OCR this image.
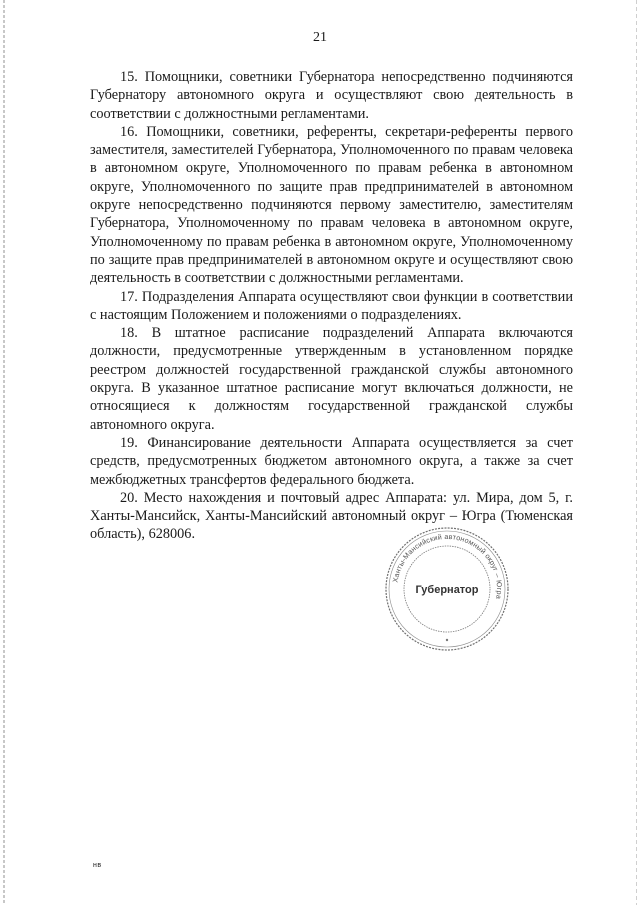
21

15. Помощники, советники Губернатора непосредственно подчиняются Губернатору автономного округа и осуществляют свою деятельность в соответствии с должностными регламентами.

16. Помощники, советники, референты, секретари-референты первого заместителя, заместителей Губернатора, Уполномоченного по правам человека в автономном округе, Уполномоченного по правам ребенка в автономном округе, Уполномоченного по защите прав предпринимателей в автономном округе непосредственно подчиняются первому заместителю, заместителям Губернатора, Уполномоченному по правам человека в автономном округе, Уполномоченному по правам ребенка в автономном округе, Уполномоченному по защите прав предпринимателей в автономном округе и осуществляют свою деятельность в соответствии с должностными регламентами.

17. Подразделения Аппарата осуществляют свои функции в соответствии с настоящим Положением и положениями о подразделениях.

18. В штатное расписание подразделений Аппарата включаются должности, предусмотренные утвержденным в установленном порядке реестром должностей государственной гражданской службы автономного округа. В указанное штатное расписание могут включаться должности, не относящиеся к должностям государственной гражданской службы автономного округа.

19. Финансирование деятельности Аппарата осуществляется за счет средств, предусмотренных бюджетом автономного округа, а также за счет межбюджетных трансфертов федерального бюджета.

20. Место нахождения и почтовый адрес Аппарата: ул. Мира, дом 5, г. Ханты-Мансийск, Ханты-Мансийский автономный округ – Югра (Тюменская область), 628006.

Ханты-Мансийский автономный округ – Югра
Губернатор
нв
